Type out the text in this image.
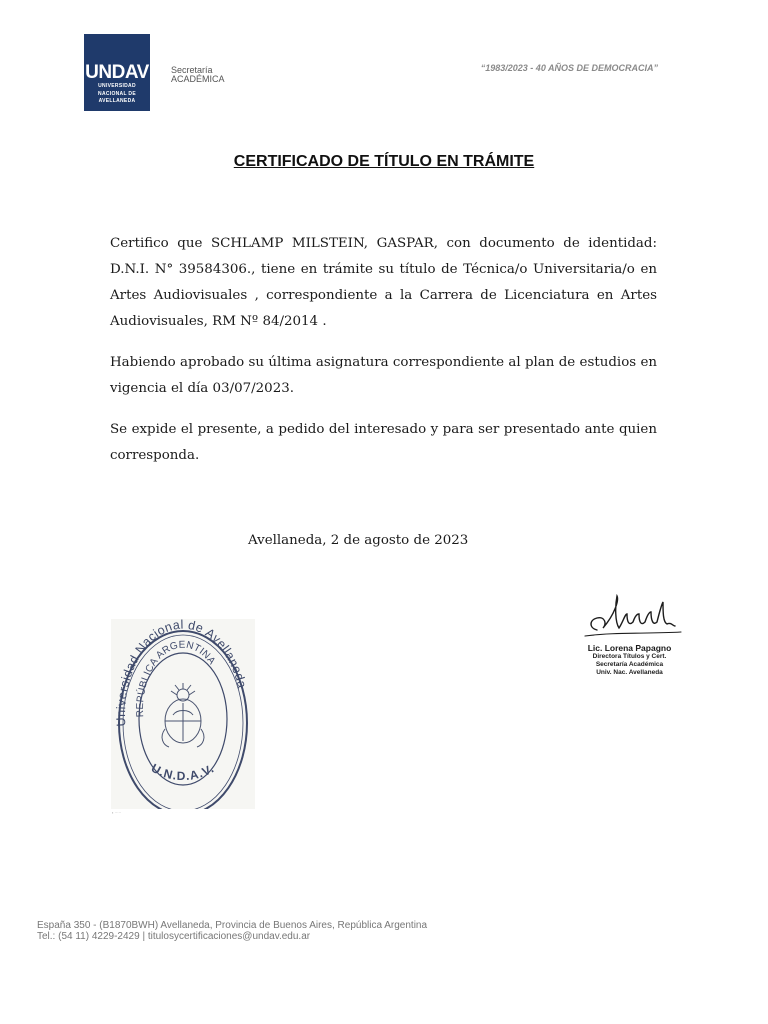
UNDAV
UNIVERSIDAD
NACIONAL DE
AVELLANEDA
Secretaría
ACADÉMICA
“1983/2023 - 40 AÑOS DE DEMOCRACIA”
CERTIFICADO DE TÍTULO EN TRÁMITE

Certifico que SCHLAMP MILSTEIN, GASPAR, con documento de identidad: D.N.I. N° 39584306., tiene en trámite su título de Técnica/o Universitaria/o en Artes Audiovisuales , correspondiente a la Carrera de Licenciatura en Artes Audiovisuales, RM Nº 84/2014 .

Habiendo aprobado su última asignatura correspondiente al plan de estudios en vigencia el día 03/07/2023.

Se expide el presente, a pedido del interesado y para ser presentado ante quien corresponda.

Avellaneda, 2 de agosto de 2023
Lic. Lorena Papagno
Directora Títulos y Cert.
Secretaría Académica
Univ. Nac. Avellaneda
Universidad Nacional de Avellaneda
REPÚBLICA ARGENTINA
U.N.D.A.V.
▪ ·····
España 350 - (B1870BWH) Avellaneda, Provincia de Buenos Aires, República Argentina
Tel.: (54 11) 4229-2429 | titulosycertificaciones@undav.edu.ar
